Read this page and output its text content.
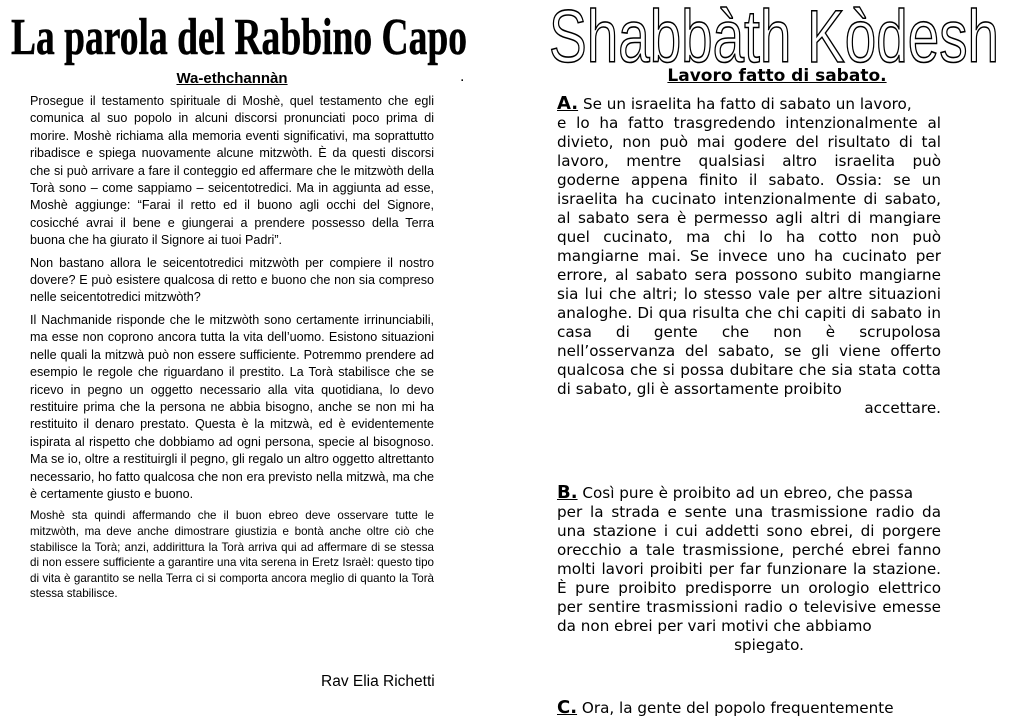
La parola del Rabbino Capo Shabbàth Kòdesh
Wa-ethchannàn

Prosegue il testamento spirituale di Moshè, quel testamento che egli comunica al suo popolo in alcuni discorsi pronunciati poco prima di morire. Moshè richiama alla memoria eventi significativi, ma soprattutto ribadisce e spiega nuovamente alcune mitzwòth. È da questi discorsi che si può arrivare a fare il conteggio ed affermare che le mitzwòth della Torà sono – come sappiamo – seicentotredici. Ma in aggiunta ad esse, Moshè aggiunge: “Farai il retto ed il buono agli occhi del Signore, cosicché avrai il bene e giungerai a prendere possesso della Terra buona che ha giurato il Signore ai tuoi Padri”.

Non bastano allora le seicentotredici mitzwòth per compiere il nostro dovere? E può esistere qualcosa di retto e buono che non sia compreso nelle seicentotredici mitzwòth?

Il Nachmanide risponde che le mitzwòth sono certamente irrinunciabili, ma esse non coprono ancora tutta la vita dell’uomo. Esistono situazioni nelle quali la mitzwà può non essere sufficiente. Potremmo prendere ad esempio le regole che riguardano il prestito. La Torà stabilisce che se ricevo in pegno un oggetto necessario alla vita quotidiana, lo devo restituire prima che la persona ne abbia bisogno, anche se non mi ha restituito il denaro prestato. Questa è la mitzwà, ed è evidentemente ispirata al rispetto che dobbiamo ad ogni persona, specie al bisognoso. Ma se io, oltre a restituirgli il pegno, gli regalo un altro oggetto altrettanto necessario, ho fatto qualcosa che non era previsto nella mitzwà, ma che è certamente giusto e buono.

Moshè sta quindi affermando che il buon ebreo deve osservare tutte le mitzwòth, ma deve anche dimostrare giustizia e bontà anche oltre ciò che stabilisce la Torà; anzi, addirittura la Torà arriva qui ad affermare di se stessa di non essere sufficiente a garantire una vita serena in Eretz Israèl: questo tipo di vita è garantito se nella Terra ci si comporta ancora meglio di quanto la Torà stessa stabilisce.

.
Rav Elia Richetti
Lavoro fatto di sabato.
A. Se un israelita ha fatto di sabato un lavoro,
e lo ha fatto trasgredendo intenzionalmente al divieto, non può mai godere del risultato di tal lavoro, mentre qualsiasi altro israelita può goderne appena finito il sabato. Ossia: se un israelita ha cucinato intenzionalmente di sabato, al sabato sera è permesso agli altri di mangiare quel cucinato, ma chi lo ha cotto non può mangiarne mai. Se invece uno ha cucinato per errore, al sabato sera possono subito mangiarne sia lui che altri; lo stesso vale per altre situazioni analoghe. Di qua risulta che chi capiti di sabato in casa di gente che non è scrupolosa nell’osservanza del sabato, se gli viene offerto qualcosa che si possa dubitare che sia stata cotta di sabato, gli è assortamente proibito
accettare.
B. Così pure è proibito ad un ebreo, che passa
per la strada e sente una trasmissione radio da una stazione i cui addetti sono ebrei, di porgere orecchio a tale trasmissione, perché ebrei fanno molti lavori proibiti per far funzionare la stazione. È pure proibito predisporre un orologio elettrico per sentire trasmissioni radio o televisive emesse da non ebrei per vari motivi che abbiamo
spiegato.
C. Ora, la gente del popolo frequentemente
